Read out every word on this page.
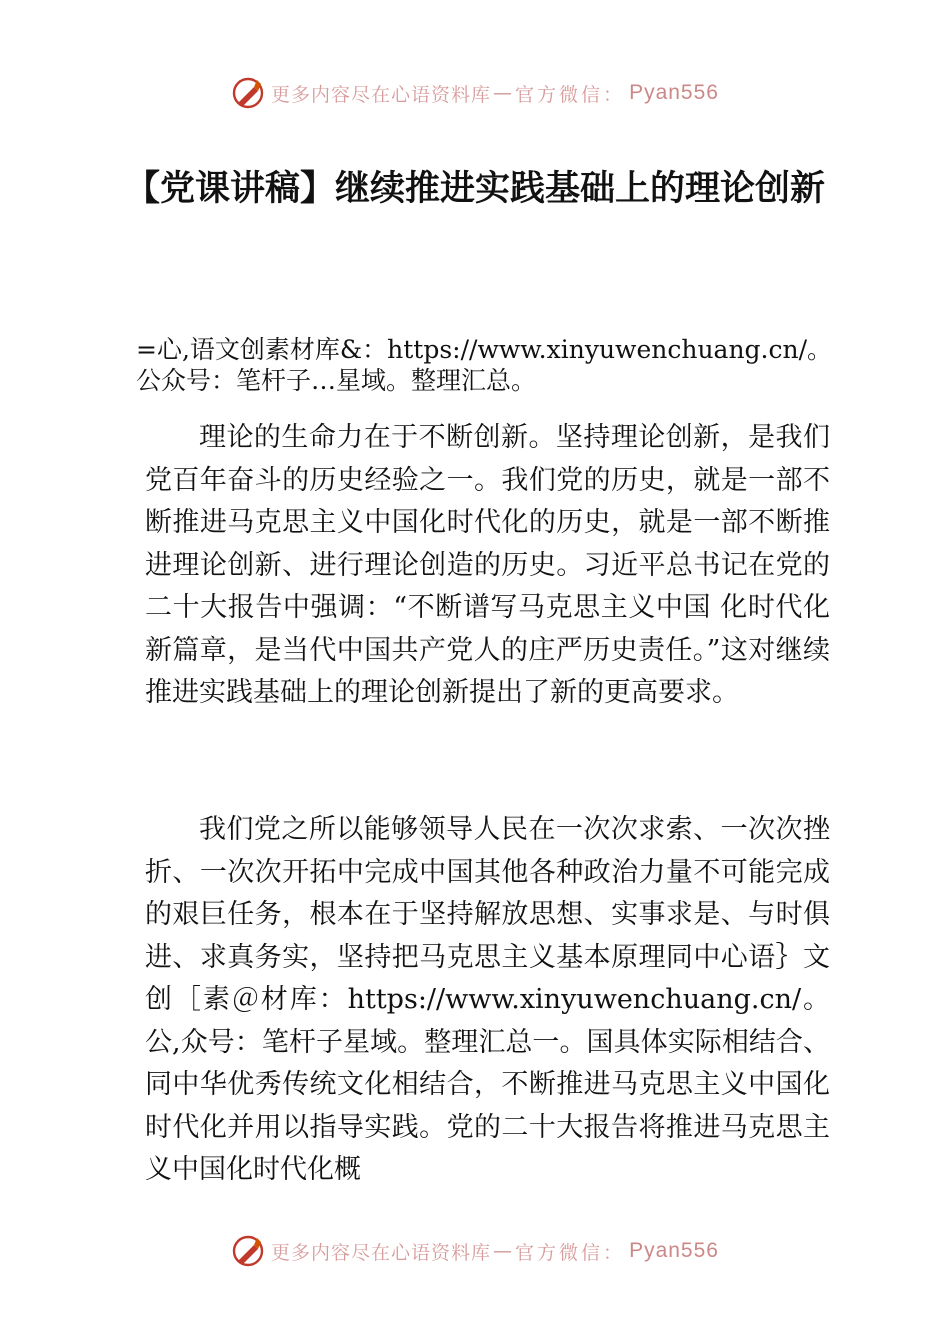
更多内容尽在心语资料库 — 官方微信： Pyan556
【党课讲稿】继续推进实践基础上的理论创新

=心,语文创素材库&：https://www.xinyuwenchuang.cn/。公众号：笔杆子…星域。整理汇总。

理论的生命力在于不断创新。坚持理论创新，是我们党百年奋斗的历史经验之一。我们党的历史，就是一部不断推进马克思主义中国化时代化的历史，就是一部不断推进理论创新、进行理论创造的历史。习近平总书记在党的二十大报告中强调：“不断谱写马克思主义中国 化时代化新篇章，是当代中国共产党人的庄严历史责任。”这对继续推进实践基础上的理论创新提出了新的更高要求。

我们党之所以能够领导人民在一次次求索、一次次挫折、一次次开拓中完成中国其他各种政治力量不可能完成的艰巨任务，根本在于坚持解放思想、实事求是、与时俱进、求真务实，坚持把马克思主义基本原理同中心语｝文创［素＠材库：https://www.xinyuwenchuang.cn/。公,众号：笔杆子星域。整理汇总一。国具体实际相结合、同中华优秀传统文化相结合，不断推进马克思主义中国化时代化并用以指导实践。党的二十大报告将推进马克思主义中国化时代化概

更多内容尽在心语资料库 — 官方微信： Pyan556
